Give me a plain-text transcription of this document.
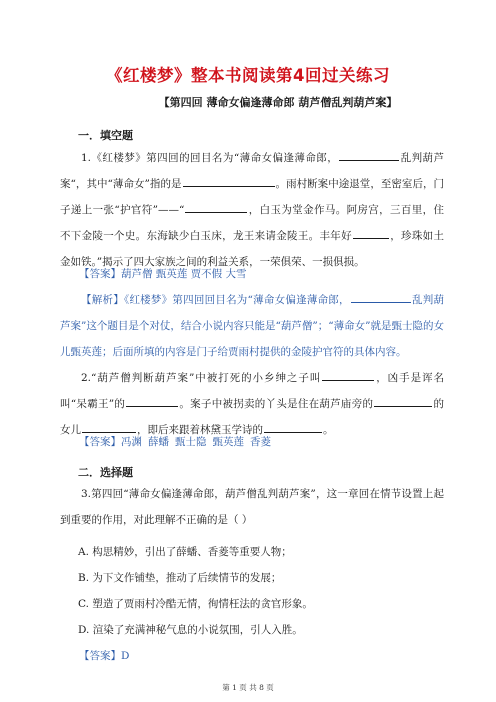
《红楼梦》整本书阅读第4回过关练习
【第四回 薄命女偏逢薄命郎 葫芦僧乱判葫芦案】
一．填空题
1.《红楼梦》第四回的回目名为“薄命女偏逢薄命郎，	乱判葫芦案“，其中“薄命女”指的是	。雨村断案中途退堂，至密室后，门子递上一张“护官符”——“	，白玉为堂金作马。阿房宫，三百里，住不下金陵一个史。东海缺少白玉床，龙王来请金陵王。丰年好	，珍珠如土金如铁。”揭示了四大家族之间的利益关系，一荣俱荣、一损俱损。
【答案】葫芦僧 甄英莲 贾不假 大雪
【解析】《红楼梦》第四回回目名为“薄命女偏逢薄命郎，	乱判葫芦案”这个题目是个对仗，结合小说内容只能是“葫芦僧”；“薄命女”就是甄士隐的女儿甄英莲；后面所填的内容是门子给贾雨村提供的金陵护官符的具体内容。
2.“葫芦僧判断葫芦案”中被打死的小乡绅之子叫	，凶手是诨名叫“呆霸王”的	。案子中被拐卖的丫头是住在葫芦庙旁的	的女儿	，即后来跟着林黛玉学诗的	。
【答案】冯渊 薛蟠 甄士隐 甄英莲 香菱
二．选择题
3.第四回“薄命女偏逢薄命郎，葫芦僧乱判葫芦案”，这一章回在情节设置上起到重要的作用，对此理解不正确的是（ ）
A. 构思精妙，引出了薛蟠、香菱等重要人物；
B. 为下文作铺垫，推动了后续情节的发展；
C. 塑造了贾雨村冷酷无情，徇情枉法的贪官形象。
D. 渲染了充满神秘气息的小说氛围，引人入胜。
【答案】D
第 1 页 共 8 页
